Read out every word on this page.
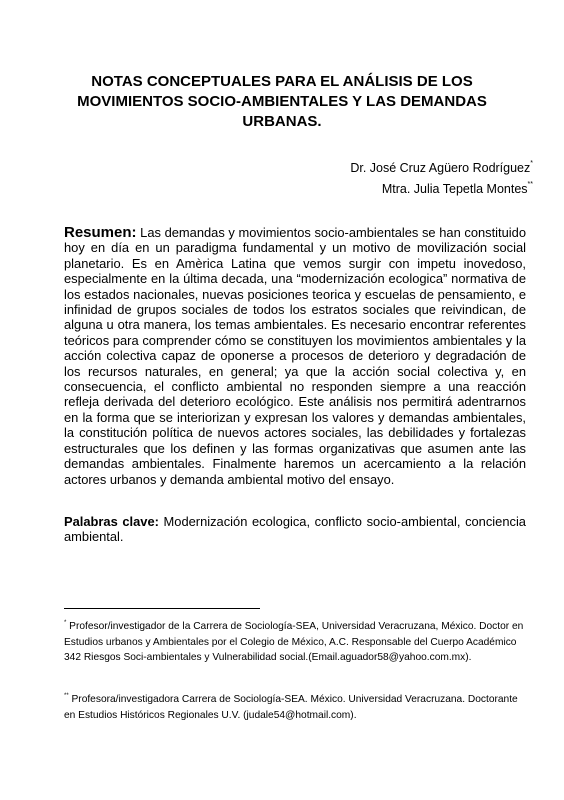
NOTAS CONCEPTUALES PARA EL ANÁLISIS DE LOS
MOVIMIENTOS SOCIO-AMBIENTALES Y LAS DEMANDAS
URBANAS.
Dr. José Cruz Agüero Rodríguez*
Mtra. Julia Tepetla Montes**

Resumen: Las demandas y movimientos socio-ambientales se han constituido hoy en día en un paradigma fundamental y un motivo de movilización social planetario. Es en Amèrica Latina que vemos surgir con impetu inovedoso, especialmente en la última decada, una “modernización ecologica” normativa de los estados nacionales, nuevas posiciones teorica y escuelas de pensamiento, e infinidad de grupos sociales de todos los estratos sociales que reivindican, de alguna u otra manera, los temas ambientales. Es necesario encontrar referentes teóricos para comprender cómo se constituyen los movimientos ambientales y la acción colectiva capaz de oponerse a procesos de deterioro y degradación de los recursos naturales, en general; ya que la acción social colectiva y, en consecuencia, el conflicto ambiental no responden siempre a una reacción refleja derivada del deterioro ecológico. Este análisis nos permitirá adentrarnos en la forma que se interiorizan y expresan los valores y demandas ambientales, la constitución política de nuevos actores sociales, las debilidades y fortalezas estructurales que los definen y las formas organizativas que asumen ante las demandas ambientales. Finalmente haremos un acercamiento a la relación actores urbanos y demanda ambiental motivo del ensayo.

Palabras clave: Modernización ecologica, conflicto socio-ambiental, conciencia ambiental.

* Profesor/investigador de la Carrera de Sociología-SEA, Universidad Veracruzana, México. Doctor en Estudios urbanos y Ambientales por el Colegio de México, A.C. Responsable del Cuerpo Académico 342 Riesgos Soci-ambientales y Vulnerabilidad social.(Email.aguador58@yahoo.com.mx).

** Profesora/investigadora Carrera de Sociología-SEA. México. Universidad Veracruzana. Doctorante en Estudios Históricos Regionales U.V. (judale54@hotmail.com).
